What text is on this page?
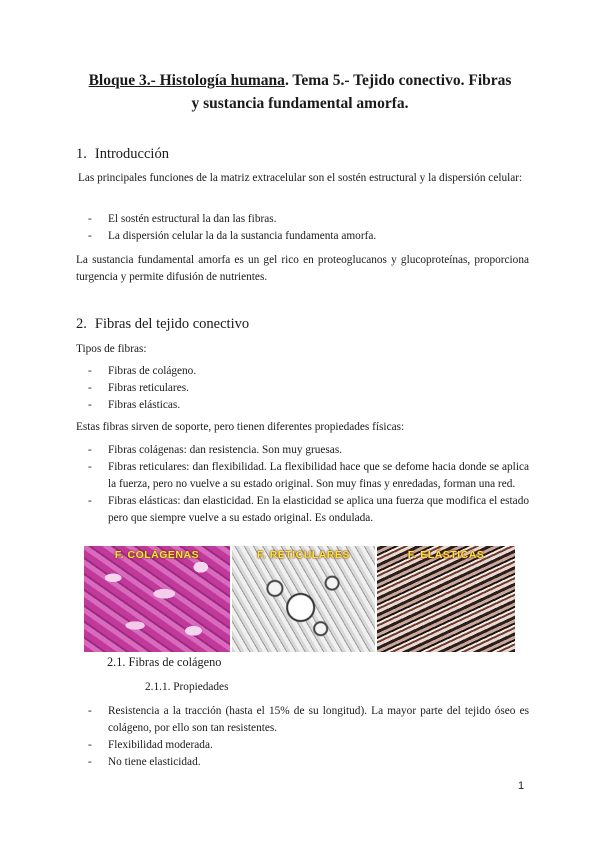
Bloque 3.- Histología humana. Tema 5.- Tejido conectivo. Fibras
y sustancia fundamental amorfa.
1. Introducción
Las principales funciones de la matriz extracelular son el sostén estructural y la dispersión celular:
- El sostén estructural la dan las fibras.
- La dispersión celular la da la sustancia fundamenta amorfa.
La sustancia fundamental amorfa es un gel rico en proteoglucanos y glucoproteínas, proporciona turgencia y permite difusión de nutrientes.
2. Fibras del tejido conectivo
Tipos de fibras:
- Fibras de colágeno.
- Fibras reticulares.
- Fibras elásticas.
Estas fibras sirven de soporte, pero tienen diferentes propiedades físicas:
- Fibras colágenas: dan resistencia. Son muy gruesas.
- Fibras reticulares: dan flexibilidad. La flexibilidad hace que se defome hacia donde se aplica la fuerza, pero no vuelve a su estado original. Son muy finas y enredadas, forman una red.
- Fibras elásticas: dan elasticidad. En la elasticidad se aplica una fuerza que modifica el estado pero que siempre vuelve a su estado original. Es ondulada.
F. COLÁGENAS	F. RETICULARES	F. ELÁSTICAS
2.1. Fibras de colágeno
2.1.1. Propiedades
- Resistencia a la tracción (hasta el 15% de su longitud). La mayor parte del tejido óseo es colágeno, por ello son tan resistentes.
- Flexibilidad moderada.
- No tiene elasticidad.
1
